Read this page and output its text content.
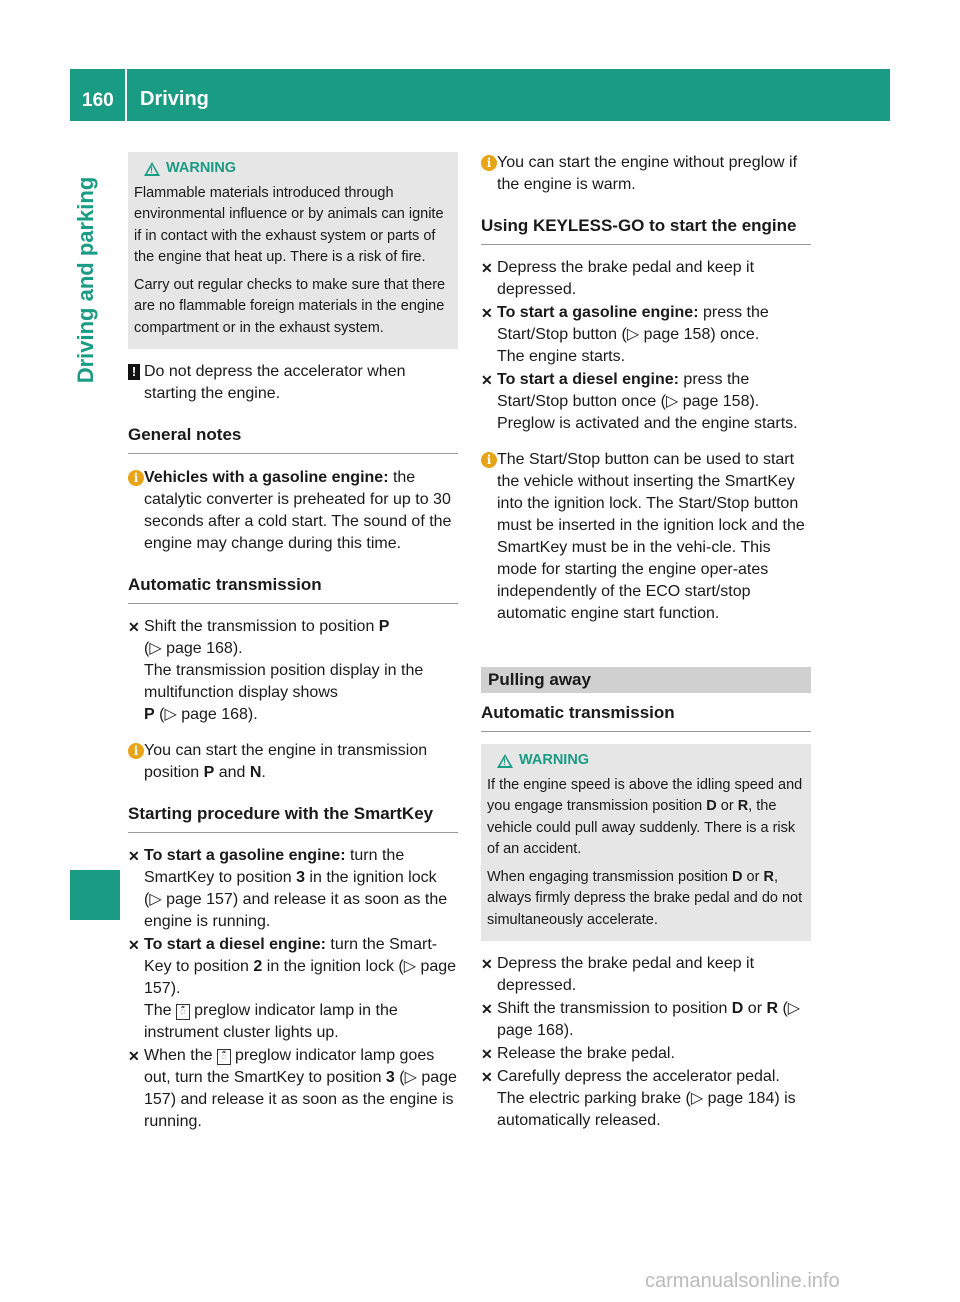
160 Driving
Driving and parking
!
WARNING

Flammable materials introduced through environmental influence or by animals can ignite if in contact with the exhaust system or parts of the engine that heat up. There is a risk of fire.

Carry out regular checks to make sure that there are no flammable foreign materials in the engine compartment or in the exhaust system.

! Do not depress the accelerator when starting the engine.
General notes
i Vehicles with a gasoline engine: the catalytic converter is preheated for up to 30 seconds after a cold start. The sound of the engine may change during this time.
Automatic transmission
✕ Shift the transmission to position P

(▷ page 168).

The transmission position display in the multifunction display shows

P (▷ page 168).

i You can start the engine in transmission position P and N.
Starting procedure with the SmartKey
✕ To start a gasoline engine: turn the SmartKey to position 3 in the ignition lock (▷ page 157) and release it as soon as the engine is running.
✕ To start a diesel engine: turn the Smart-Key to position 2 in the ignition lock (▷ page 157).

The ᰰ preglow indicator lamp in the instrument cluster lights up.

✕ When the ᰰ preglow indicator lamp goes out, turn the SmartKey to position 3 (▷ page 157) and release it as soon as the engine is running.
i You can start the engine without preglow if the engine is warm.
Using KEYLESS-GO to start the engine
✕ Depress the brake pedal and keep it depressed.
✕ To start a gasoline engine: press the Start/Stop button (▷ page 158) once.

The engine starts.

✕ To start a diesel engine: press the Start/Stop button once (▷ page 158).

Preglow is activated and the engine starts.

i The Start/Stop button can be used to start the vehicle without inserting the SmartKey into the ignition lock. The Start/Stop button must be inserted in the ignition lock and the SmartKey must be in the vehi-cle. This mode for starting the engine oper-ates independently of the ECO start/stop automatic engine start function.
Pulling away
Automatic transmission
!
WARNING

If the engine speed is above the idling speed and you engage transmission position D or R, the vehicle could pull away suddenly. There is a risk of an accident.

When engaging transmission position D or R, always firmly depress the brake pedal and do not simultaneously accelerate.

✕ Depress the brake pedal and keep it depressed.
✕ Shift the transmission to position D or R (▷ page 168).
✕ Release the brake pedal.
✕ Carefully depress the accelerator pedal.

The electric parking brake (▷ page 184) is automatically released.

carmanualsonline.info
